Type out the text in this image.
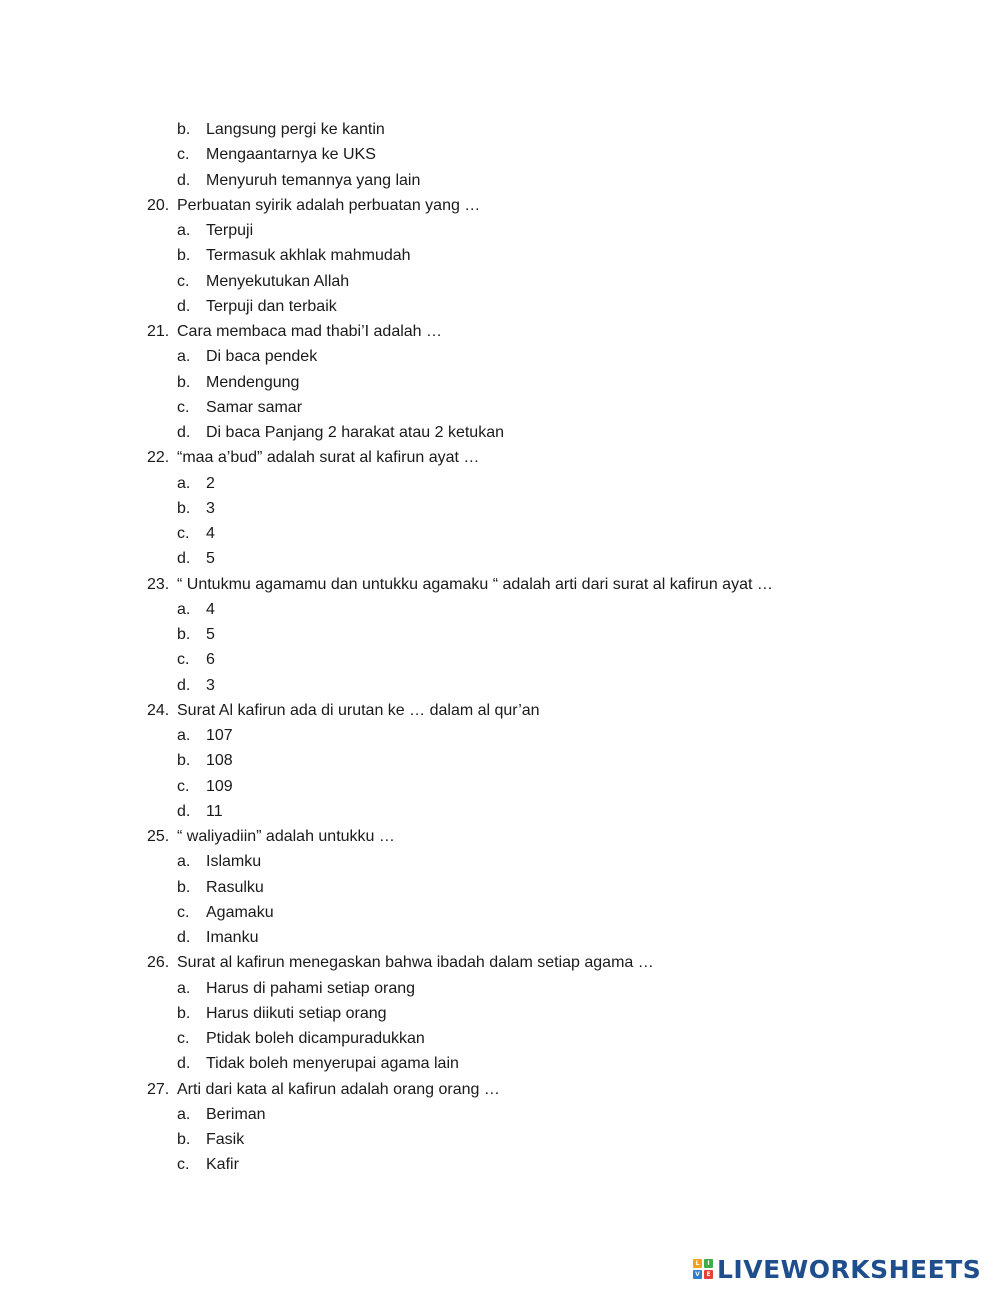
b. Langsung pergi ke kantin
c. Mengaantarnya ke UKS
d. Menyuruh temannya yang lain
20. Perbuatan syirik adalah perbuatan yang …
a. Terpuji
b. Termasuk akhlak mahmudah
c. Menyekutukan Allah
d. Terpuji dan terbaik
21. Cara membaca mad thabi’I adalah …
a. Di baca pendek
b. Mendengung
c. Samar samar
d. Di baca Panjang 2 harakat atau 2 ketukan
22. “maa a’bud” adalah surat al kafirun ayat …
a. 2
b. 3
c. 4
d. 5
23. “ Untukmu agamamu dan untukku agamaku “ adalah arti dari surat al kafirun ayat …
a. 4
b. 5
c. 6
d. 3
24. Surat Al kafirun ada di urutan ke … dalam al qur’an
a. 107
b. 108
c. 109
d. 11
25. “ waliyadiin” adalah untukku …
a. Islamku
b. Rasulku
c. Agamaku
d. Imanku
26. Surat al kafirun menegaskan bahwa ibadah dalam setiap agama …
a. Harus di pahami setiap orang
b. Harus diikuti setiap orang
c. Ptidak boleh dicampuradukkan
d. Tidak boleh menyerupai agama lain
27. Arti dari kata al kafirun adalah orang orang …
a. Beriman
b. Fasik
c. Kafir
L	I
V	E LIVEWORKSHEETS
